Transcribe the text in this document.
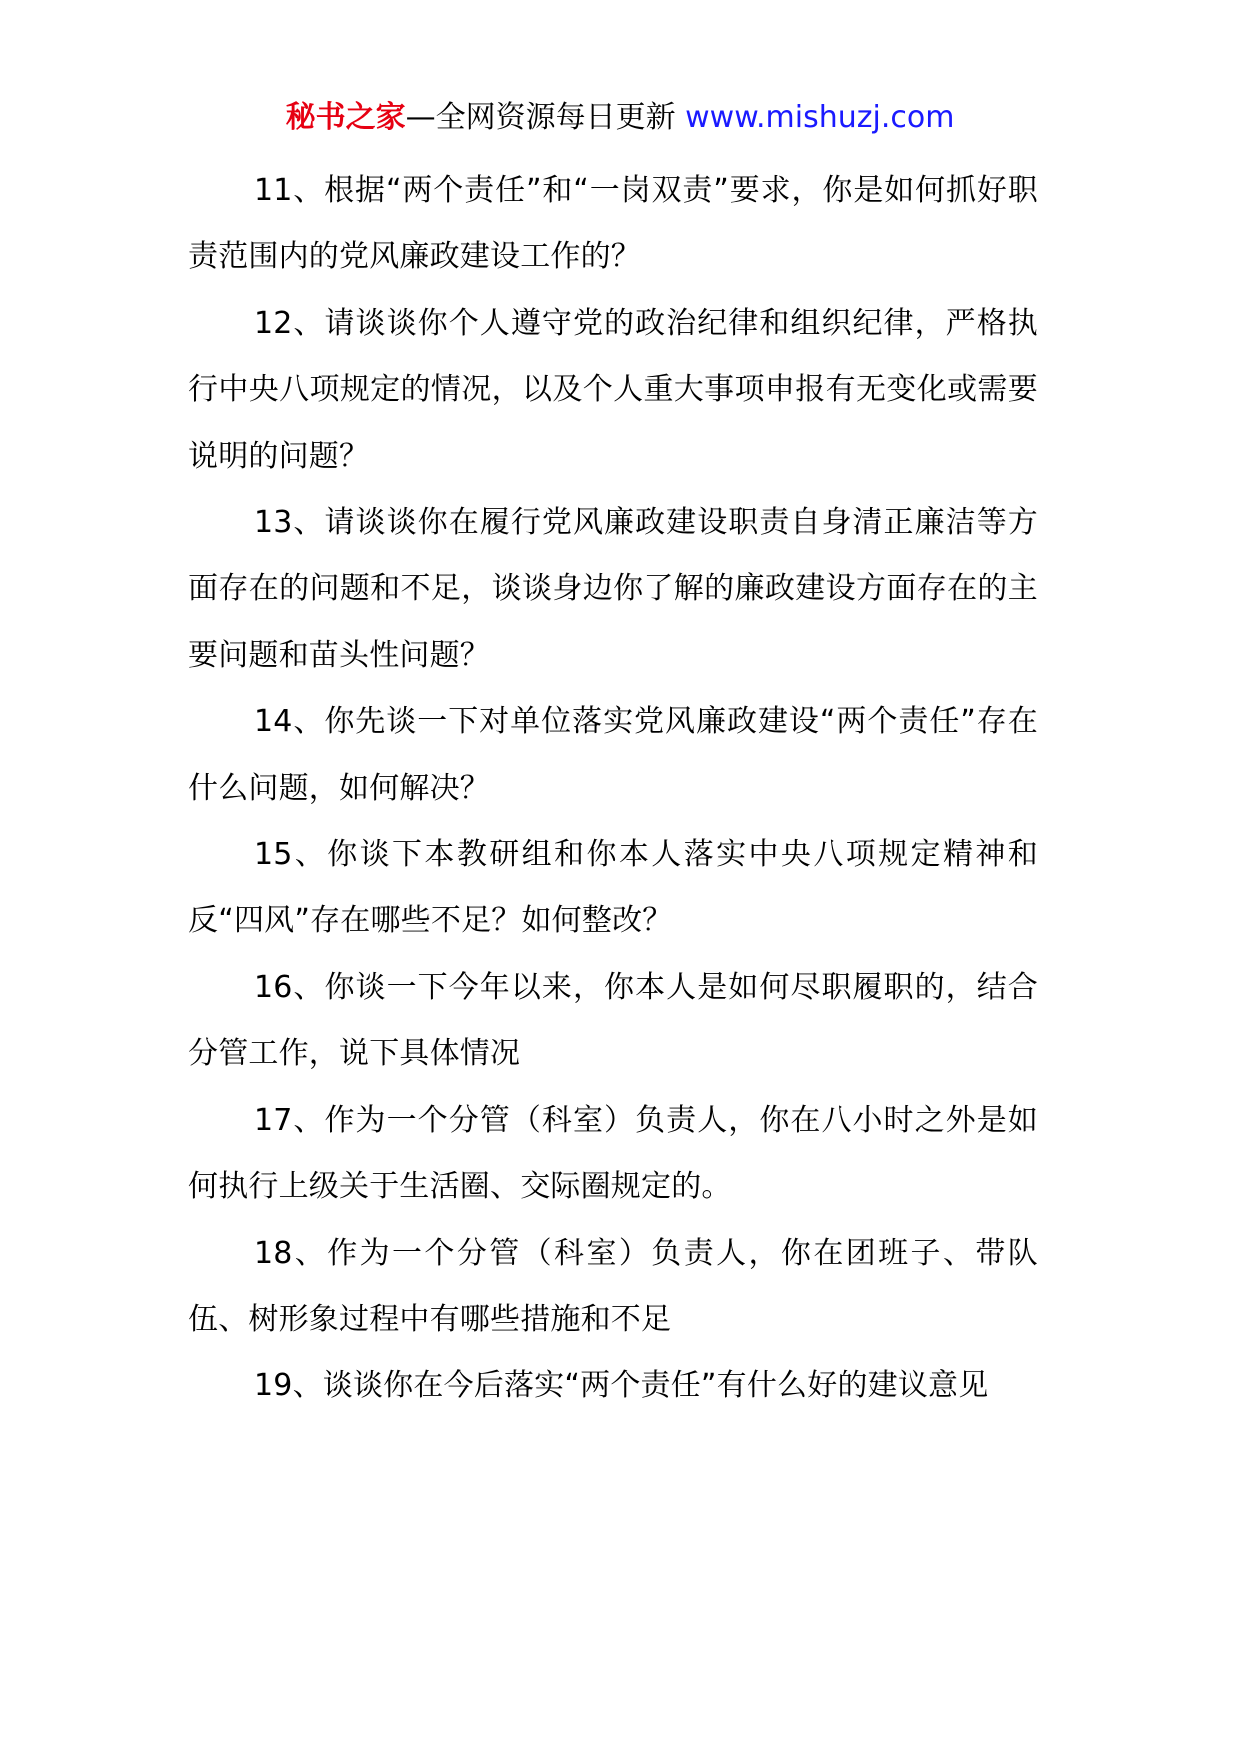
秘书之家—全网资源每日更新 www.mishuzj.com

11、根据“两个责任”和“一岗双责”要求，你是如何抓好职责范围内的党风廉政建设工作的？

12、请谈谈你个人遵守党的政治纪律和组织纪律，严格执行中央八项规定的情况，以及个人重大事项申报有无变化或需要说明的问题？

13、请谈谈你在履行党风廉政建设职责自身清正廉洁等方面存在的问题和不足，谈谈身边你了解的廉政建设方面存在的主要问题和苗头性问题？

14、你先谈一下对单位落实党风廉政建设“两个责任”存在什么问题，如何解决？

15、你谈下本教研组和你本人落实中央八项规定精神和反“四风”存在哪些不足？如何整改？

16、你谈一下今年以来，你本人是如何尽职履职的，结合分管工作，说下具体情况

17、作为一个分管（科室）负责人，你在八小时之外是如何执行上级关于生活圈、交际圈规定的。

18、作为一个分管（科室）负责人，你在团班子、带队伍、树形象过程中有哪些措施和不足

19、谈谈你在今后落实“两个责任”有什么好的建议意见
